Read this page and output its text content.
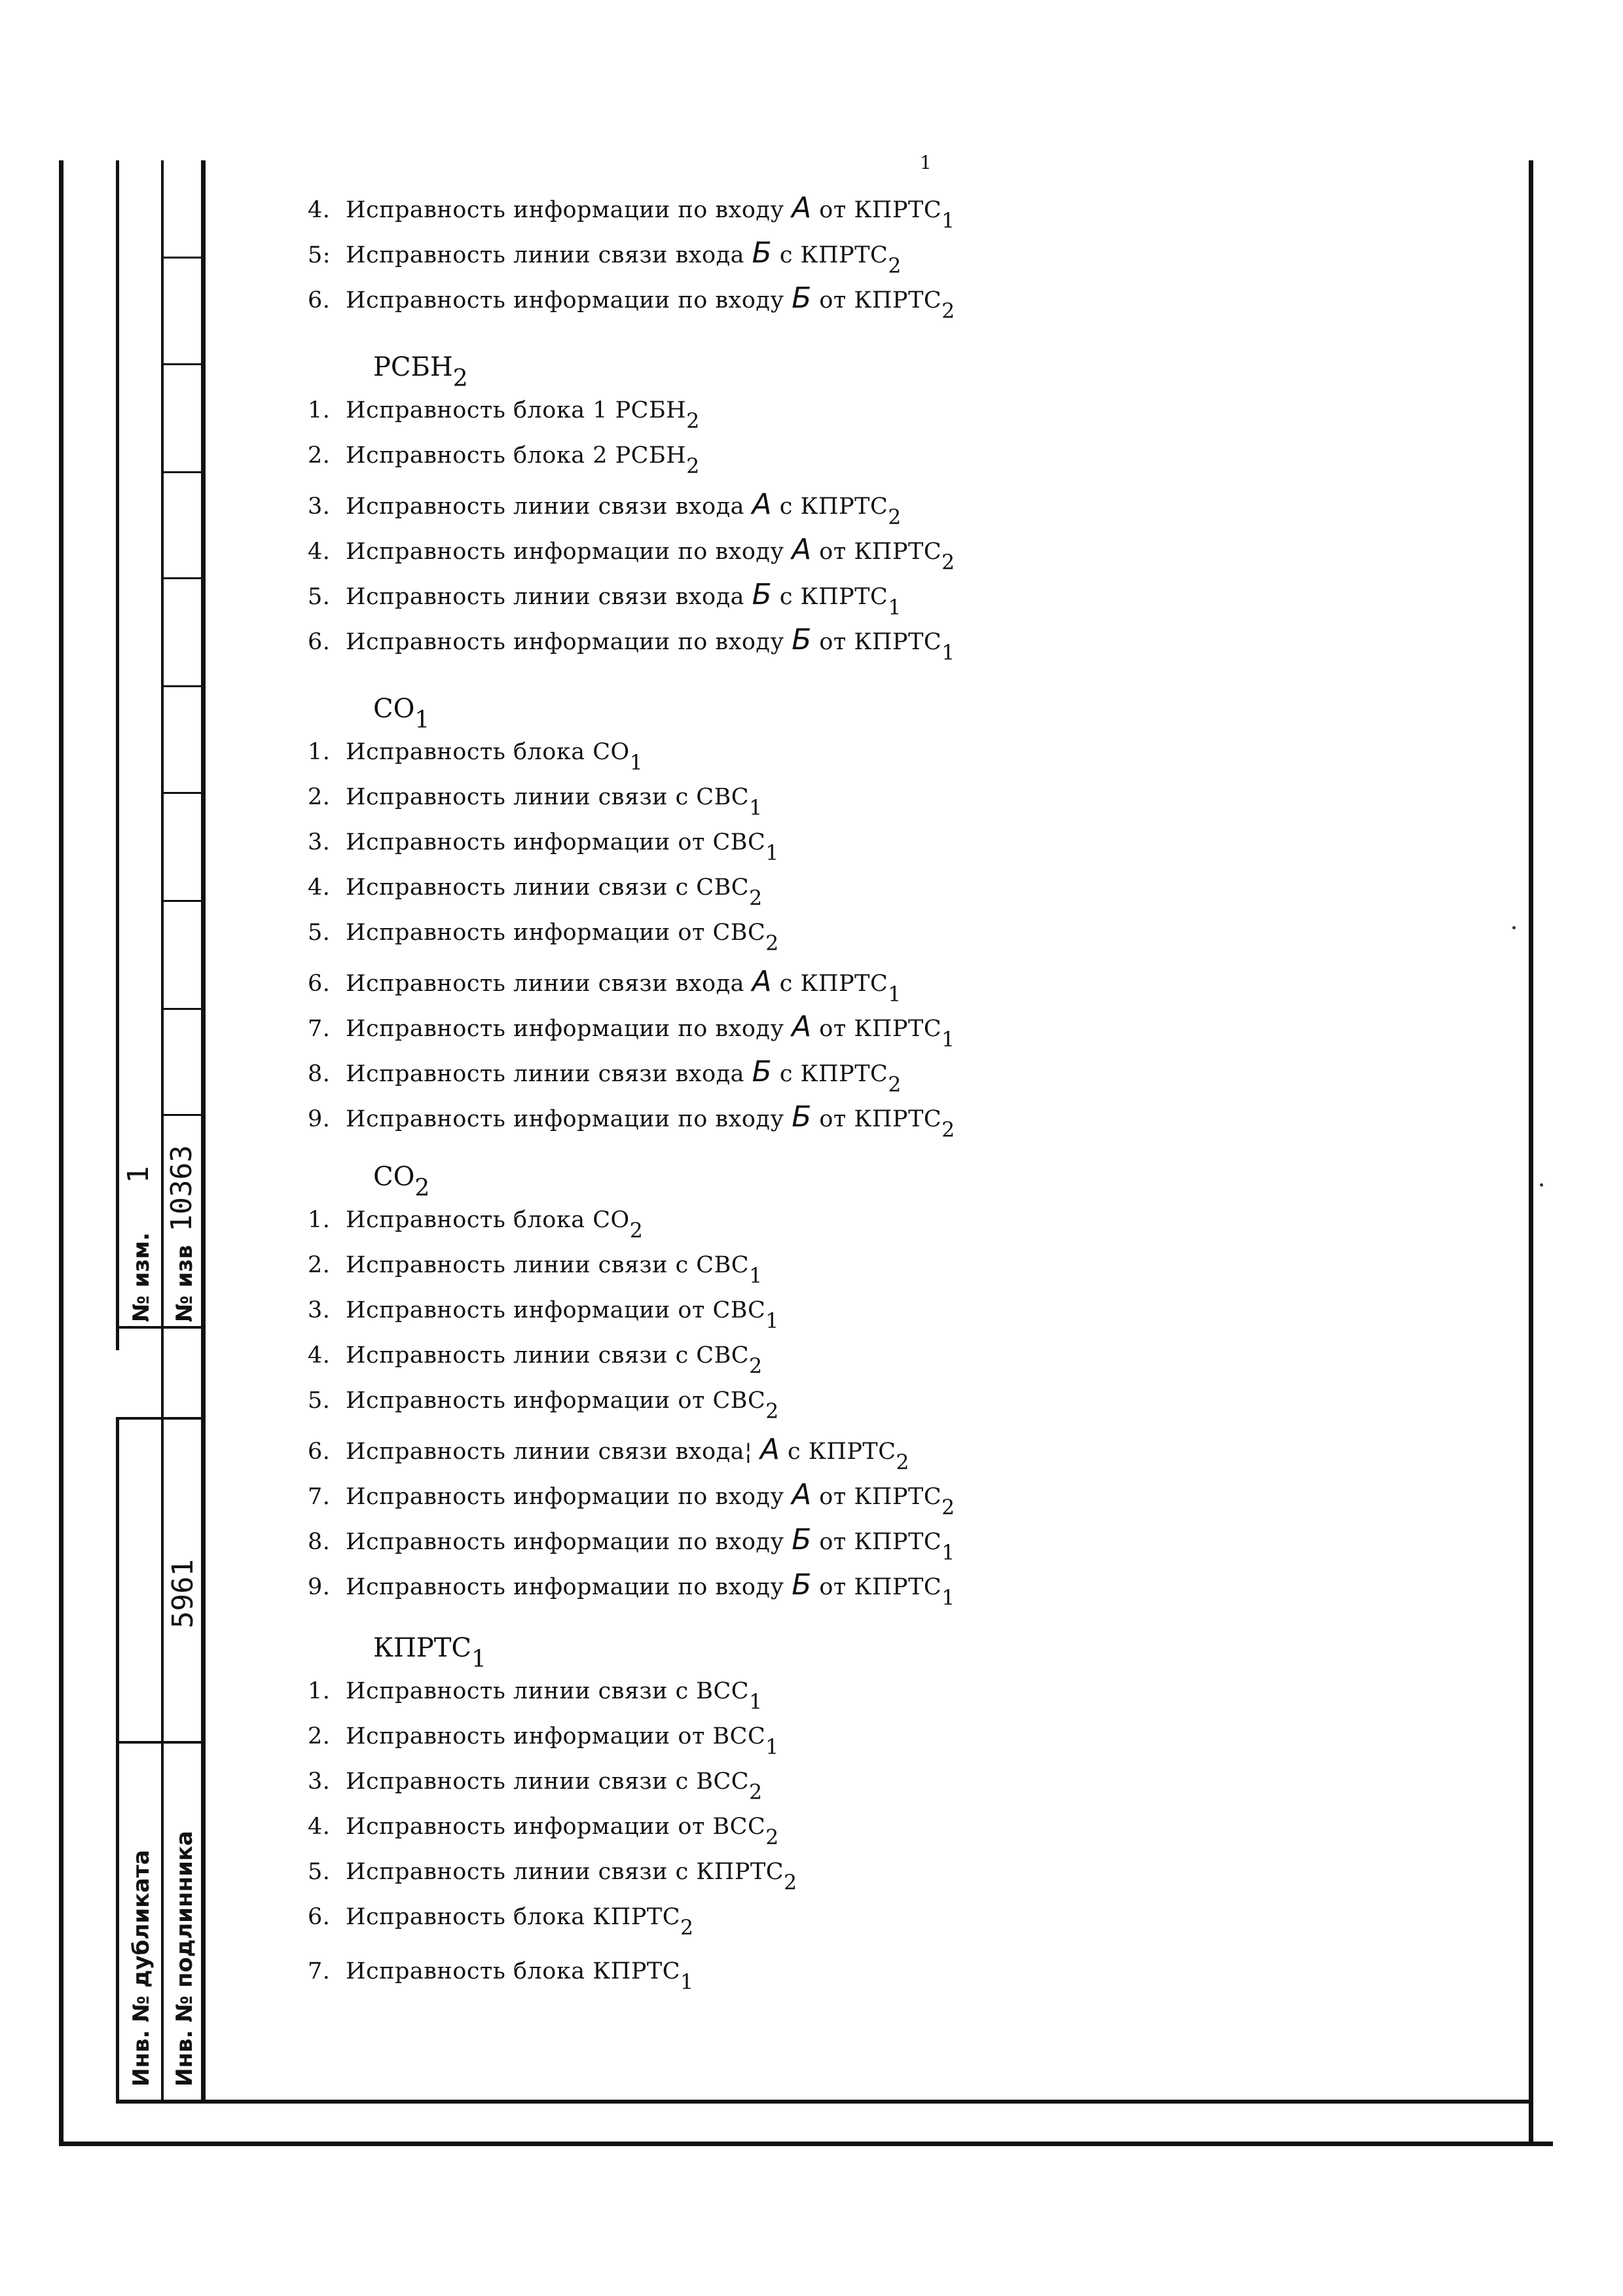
1 10363
№ изм. № изв
5961
Инв. № дубликата Инв. № подлинника
1
4. Исправность информации по входу А от КПРТС1
5: Исправность линии связи входа Б с КПРТС2
6. Исправность информации по входу Б от КПРТС2
РСБН2
1. Исправность блока 1 РСБН2
2. Исправность блока 2 РСБН2
3. Исправность линии связи входа А с КПРТС2
4. Исправность информации по входу А от КПРТС2
5. Исправность линии связи входа Б с КПРТС1
6. Исправность информации по входу Б от КПРТС1
СО1
1. Исправность блока СО1
2. Исправность линии связи с СВС1
3. Исправность информации от СВС1
4. Исправность линии связи с СВС2
5. Исправность информации от СВС2
6. Исправность линии связи входа А с КПРТС1
7. Исправность информации по входу А от КПРТС1
8. Исправность линии связи входа Б с КПРТС2
9. Исправность информации по входу Б от КПРТС2
СО2
1. Исправность блока СО2
2. Исправность линии связи с СВС1
3. Исправность информации от СВС1
4. Исправность линии связи с СВС2
5. Исправность информации от СВС2
6. Исправность линии связи входа¦ А с КПРТС2
7. Исправность информации по входу А от КПРТС2
8. Исправность информации по входу Б от КПРТС1
9. Исправность информации по входу Б от КПРТС1
КПРТС1
1. Исправность линии связи с ВСС1
2. Исправность информации от ВСС1
3. Исправность линии связи с ВСС2
4. Исправность информации от ВСС2
5. Исправность линии связи с КПРТС2
6. Исправность блока КПРТС2
7. Исправность блока КПРТС1
